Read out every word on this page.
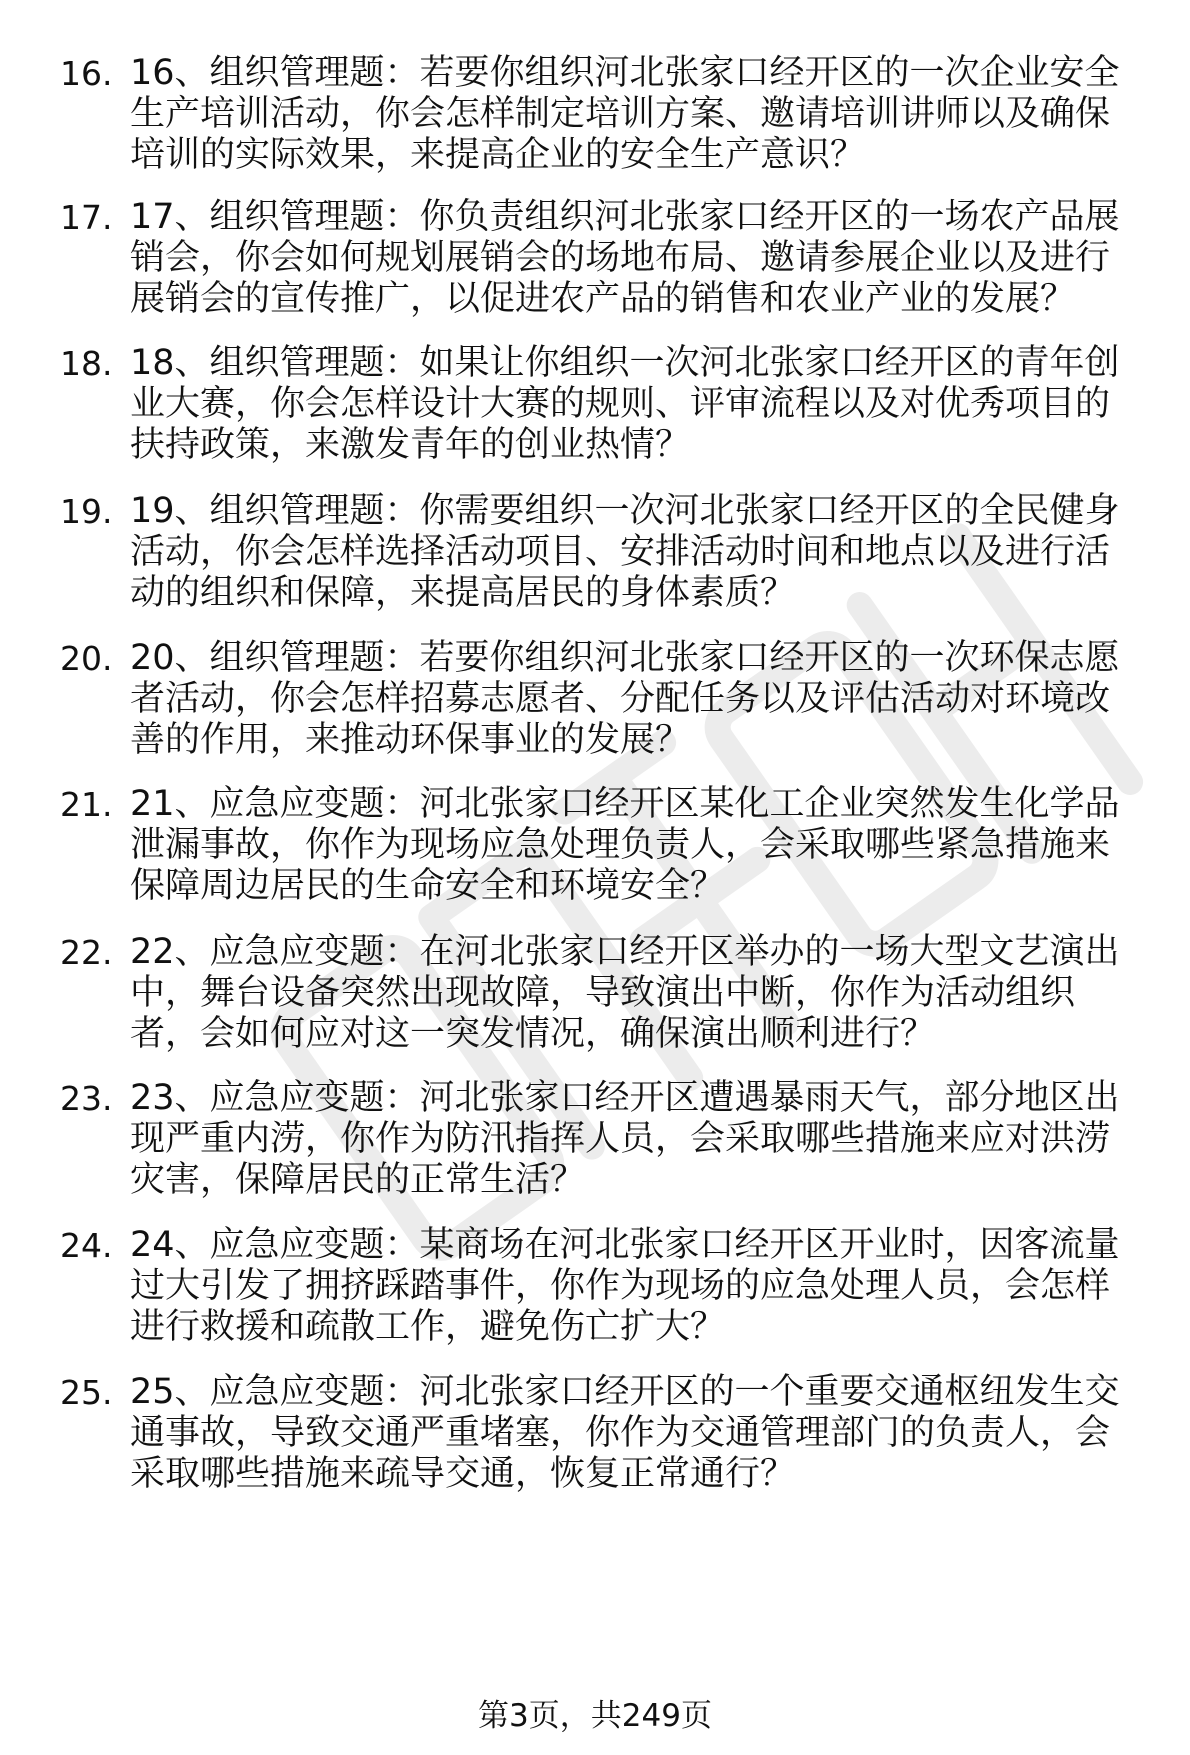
16. 16、组织管理题：若要你组织河北张家口经开区的一次企业安全
生产培训活动，你会怎样制定培训方案、邀请培训讲师以及确保
培训的实际效果，来提高企业的安全生产意识？

17. 17、组织管理题：你负责组织河北张家口经开区的一场农产品展
销会，你会如何规划展销会的场地布局、邀请参展企业以及进行
展销会的宣传推广，以促进农产品的销售和农业产业的发展？

18. 18、组织管理题：如果让你组织一次河北张家口经开区的青年创
业大赛，你会怎样设计大赛的规则、评审流程以及对优秀项目的
扶持政策，来激发青年的创业热情？

19. 19、组织管理题：你需要组织一次河北张家口经开区的全民健身
活动，你会怎样选择活动项目、安排活动时间和地点以及进行活
动的组织和保障，来提高居民的身体素质？

20. 20、组织管理题：若要你组织河北张家口经开区的一次环保志愿
者活动，你会怎样招募志愿者、分配任务以及评估活动对环境改
善的作用，来推动环保事业的发展？

21. 21、应急应变题：河北张家口经开区某化工企业突然发生化学品
泄漏事故，你作为现场应急处理负责人，会采取哪些紧急措施来
保障周边居民的生命安全和环境安全？

22. 22、应急应变题：在河北张家口经开区举办的一场大型文艺演出
中，舞台设备突然出现故障，导致演出中断，你作为活动组织
者，会如何应对这一突发情况，确保演出顺利进行？

23. 23、应急应变题：河北张家口经开区遭遇暴雨天气，部分地区出
现严重内涝，你作为防汛指挥人员，会采取哪些措施来应对洪涝
灾害，保障居民的正常生活？

24. 24、应急应变题：某商场在河北张家口经开区开业时，因客流量
过大引发了拥挤踩踏事件，你作为现场的应急处理人员，会怎样
进行救援和疏散工作，避免伤亡扩大？

25. 25、应急应变题：河北张家口经开区的一个重要交通枢纽发生交
通事故，导致交通严重堵塞，你作为交通管理部门的负责人，会
采取哪些措施来疏导交通，恢复正常通行？

第3页，共249页
